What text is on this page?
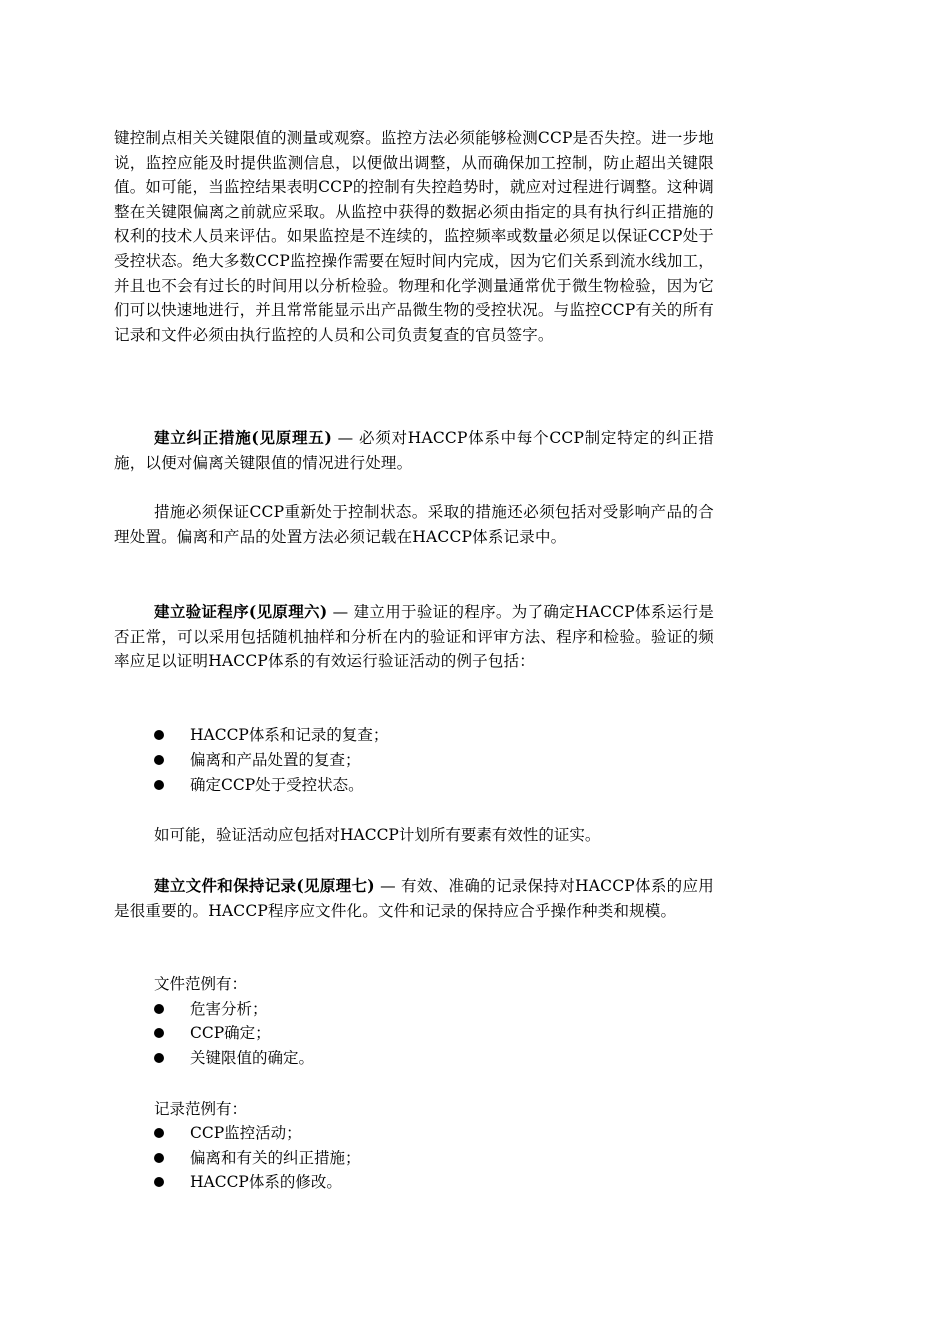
键控制点相关关键限值的测量或观察。监控方法必须能够检测CCP是否失控。进一步地说，监控应能及时提供监测信息，以便做出调整，从而确保加工控制，防止超出关键限值。如可能，当监控结果表明CCP的控制有失控趋势时，就应对过程进行调整。这种调整在关键限偏离之前就应采取。从监控中获得的数据必须由指定的具有执行纠正措施的权利的技术人员来评估。如果监控是不连续的，监控频率或数量必须足以保证CCP处于受控状态。绝大多数CCP监控操作需要在短时间内完成，因为它们关系到流水线加工，并且也不会有过长的时间用以分析检验。物理和化学测量通常优于微生物检验，因为它们可以快速地进行，并且常常能显示出产品微生物的受控状况。与监控CCP有关的所有记录和文件必须由执行监控的人员和公司负责复查的官员签字。
建立纠正措施(见原理五) — 必须对HACCP体系中每个CCP制定特定的纠正措施，以便对偏离关键限值的情况进行处理。
措施必须保证CCP重新处于控制状态。采取的措施还必须包括对受影响产品的合理处置。偏离和产品的处置方法必须记载在HACCP体系记录中。
建立验证程序(见原理六) — 建立用于验证的程序。为了确定HACCP体系运行是否正常，可以采用包括随机抽样和分析在内的验证和评审方法、程序和检验。验证的频率应足以证明HACCP体系的有效运行验证活动的例子包括：
HACCP体系和记录的复查；
偏离和产品处置的复查；
确定CCP处于受控状态。
如可能，验证活动应包括对HACCP计划所有要素有效性的证实。
建立文件和保持记录(见原理七) — 有效、准确的记录保持对HACCP体系的应用是很重要的。HACCP程序应文件化。文件和记录的保持应合乎操作种类和规模。
文件范例有：
危害分析；
CCP确定；
关键限值的确定。
记录范例有：
CCP监控活动；
偏离和有关的纠正措施；
HACCP体系的修改。
